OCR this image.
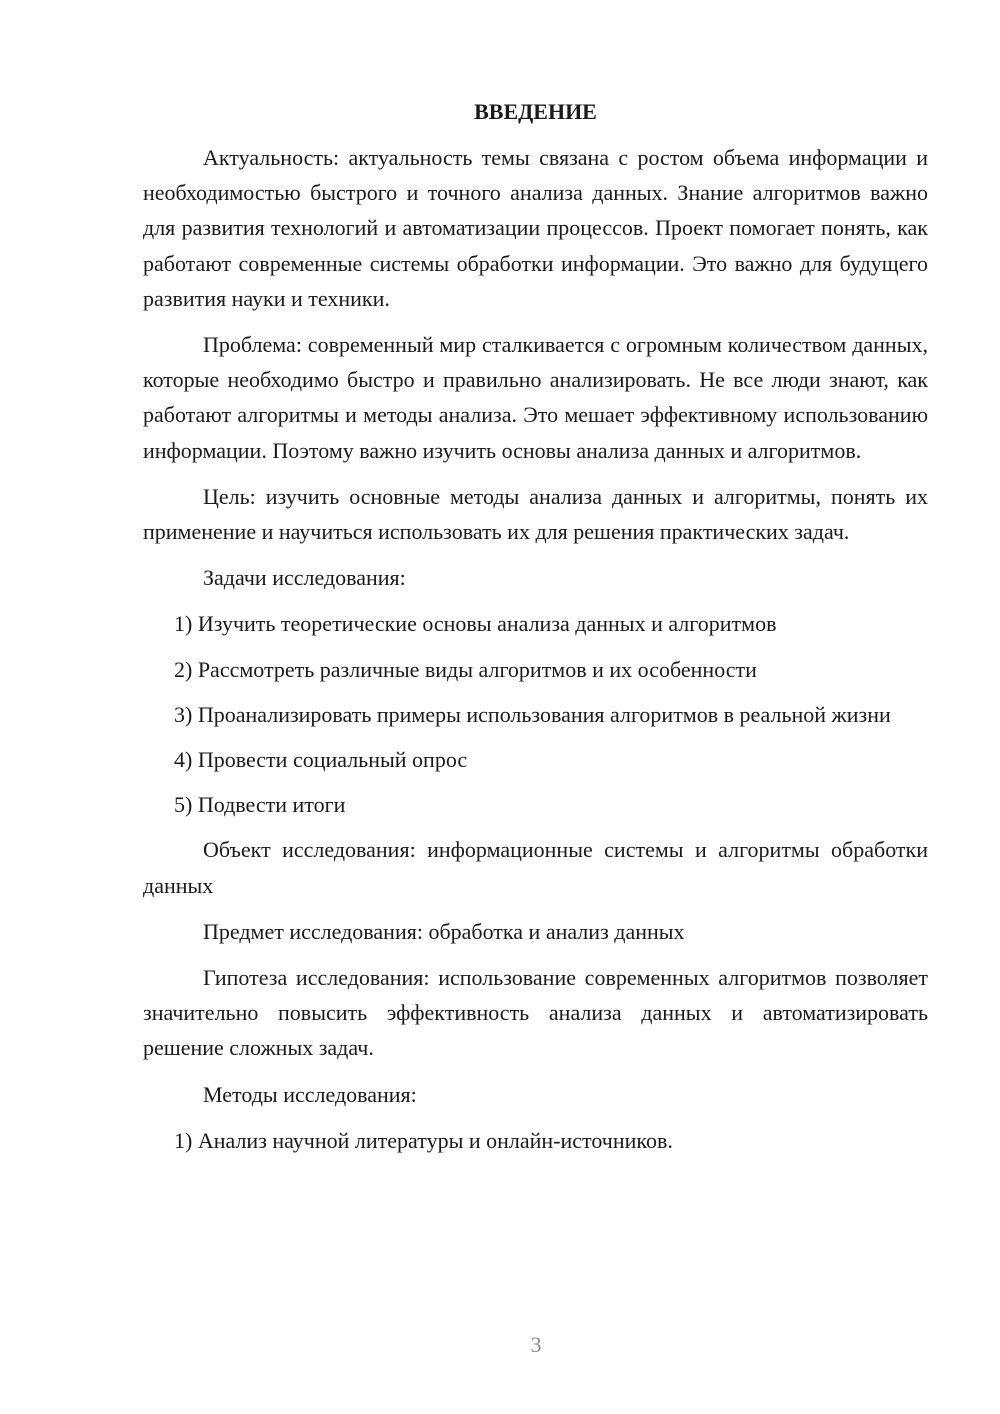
ВВЕДЕНИЕ

Актуальность: актуальность темы связана с ростом объема информации и необходимостью быстрого и точного анализа данных. Знание алгоритмов важно для развития технологий и автоматизации процессов. Проект помогает понять, как работают современные системы обработки информации. Это важно для будущего развития науки и техники.

Проблема: современный мир сталкивается с огромным количеством данных, которые необходимо быстро и правильно анализировать. Не все люди знают, как работают алгоритмы и методы анализа. Это мешает эффективному использованию информации. Поэтому важно изучить основы анализа данных и алгоритмов.

Цель: изучить основные методы анализа данных и алгоритмы, понять их применение и научиться использовать их для решения практических задач.

Задачи исследования:

1) Изучить теоретические основы анализа данных и алгоритмов

2) Рассмотреть различные виды алгоритмов и их особенности

3) Проанализировать примеры использования алгоритмов в реальной жизни

4) Провести социальный опрос

5) Подвести итоги

Объект исследования: информационные системы и алгоритмы обработки данных

Предмет исследования: обработка и анализ данных

Гипотеза исследования: использование современных алгоритмов позволяет значительно повысить эффективность анализа данных и автоматизировать решение сложных задач.

Методы исследования:

1) Анализ научной литературы и онлайн-источников.

3
